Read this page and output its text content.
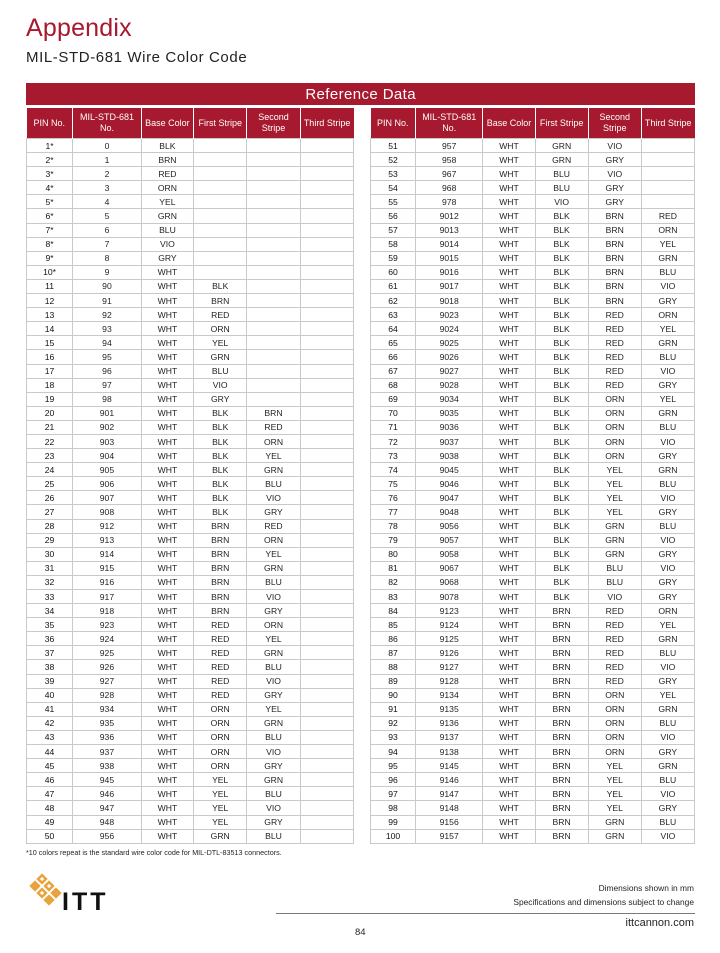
Appendix
MIL-STD-681 Wire Color Code
Reference Data
PIN No.	MIL-STD-681 No.	Base Color	First Stripe	Second Stripe	Third Stripe
1*	0	BLK			
2*	1	BRN			
3*	2	RED			
4*	3	ORN			
5*	4	YEL			
6*	5	GRN			
7*	6	BLU			
8*	7	VIO			
9*	8	GRY			
10*	9	WHT			
11	90	WHT	BLK		
12	91	WHT	BRN		
13	92	WHT	RED		
14	93	WHT	ORN		
15	94	WHT	YEL		
16	95	WHT	GRN		
17	96	WHT	BLU		
18	97	WHT	VIO		
19	98	WHT	GRY		
20	901	WHT	BLK	BRN	
21	902	WHT	BLK	RED	
22	903	WHT	BLK	ORN	
23	904	WHT	BLK	YEL	
24	905	WHT	BLK	GRN	
25	906	WHT	BLK	BLU	
26	907	WHT	BLK	VIO	
27	908	WHT	BLK	GRY	
28	912	WHT	BRN	RED	
29	913	WHT	BRN	ORN	
30	914	WHT	BRN	YEL	
31	915	WHT	BRN	GRN	
32	916	WHT	BRN	BLU	
33	917	WHT	BRN	VIO	
34	918	WHT	BRN	GRY	
35	923	WHT	RED	ORN	
36	924	WHT	RED	YEL	
37	925	WHT	RED	GRN	
38	926	WHT	RED	BLU	
39	927	WHT	RED	VIO	
40	928	WHT	RED	GRY	
41	934	WHT	ORN	YEL	
42	935	WHT	ORN	GRN	
43	936	WHT	ORN	BLU	
44	937	WHT	ORN	VIO	
45	938	WHT	ORN	GRY	
46	945	WHT	YEL	GRN	
47	946	WHT	YEL	BLU	
48	947	WHT	YEL	VIO	
49	948	WHT	YEL	GRY	
50	956	WHT	GRN	BLU	
PIN No.	MIL-STD-681 No.	Base Color	First Stripe	Second Stripe	Third Stripe
51	957	WHT	GRN	VIO	
52	958	WHT	GRN	GRY	
53	967	WHT	BLU	VIO	
54	968	WHT	BLU	GRY	
55	978	WHT	VIO	GRY	
56	9012	WHT	BLK	BRN	RED
57	9013	WHT	BLK	BRN	ORN
58	9014	WHT	BLK	BRN	YEL
59	9015	WHT	BLK	BRN	GRN
60	9016	WHT	BLK	BRN	BLU
61	9017	WHT	BLK	BRN	VIO
62	9018	WHT	BLK	BRN	GRY
63	9023	WHT	BLK	RED	ORN
64	9024	WHT	BLK	RED	YEL
65	9025	WHT	BLK	RED	GRN
66	9026	WHT	BLK	RED	BLU
67	9027	WHT	BLK	RED	VIO
68	9028	WHT	BLK	RED	GRY
69	9034	WHT	BLK	ORN	YEL
70	9035	WHT	BLK	ORN	GRN
71	9036	WHT	BLK	ORN	BLU
72	9037	WHT	BLK	ORN	VIO
73	9038	WHT	BLK	ORN	GRY
74	9045	WHT	BLK	YEL	GRN
75	9046	WHT	BLK	YEL	BLU
76	9047	WHT	BLK	YEL	VIO
77	9048	WHT	BLK	YEL	GRY
78	9056	WHT	BLK	GRN	BLU
79	9057	WHT	BLK	GRN	VIO
80	9058	WHT	BLK	GRN	GRY
81	9067	WHT	BLK	BLU	VIO
82	9068	WHT	BLK	BLU	GRY
83	9078	WHT	BLK	VIO	GRY
84	9123	WHT	BRN	RED	ORN
85	9124	WHT	BRN	RED	YEL
86	9125	WHT	BRN	RED	GRN
87	9126	WHT	BRN	RED	BLU
88	9127	WHT	BRN	RED	VIO
89	9128	WHT	BRN	RED	GRY
90	9134	WHT	BRN	ORN	YEL
91	9135	WHT	BRN	ORN	GRN
92	9136	WHT	BRN	ORN	BLU
93	9137	WHT	BRN	ORN	VIO
94	9138	WHT	BRN	ORN	GRY
95	9145	WHT	BRN	YEL	GRN
96	9146	WHT	BRN	YEL	BLU
97	9147	WHT	BRN	YEL	VIO
98	9148	WHT	BRN	YEL	GRY
99	9156	WHT	BRN	GRN	BLU
100	9157	WHT	BRN	GRN	VIO
*10 colors repeat is the standard wire color code for MIL-DTL-83513 connectors.
ITT	Dimensions shown in mm
Specifications and dimensions subject to change
ittcannon.com
84
